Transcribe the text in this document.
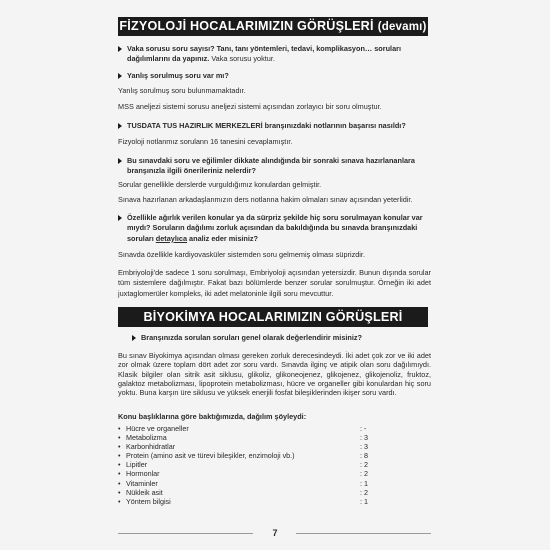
FİZYOLOJİ HOCALARIMIZIN GÖRÜŞLERİ (devamı)
Vaka sorusu soru sayısı? Tanı, tanı yöntemleri, tedavi, komplikasyon… soruları dağılımlarını da yapınız. Vaka sorusu yoktur.
Yanlış sorulmuş soru var mı?
Yanlış sorulmuş soru bulunmamaktadır.
MSS aneljezi sistemi sorusu aneljezi sistemi açısından zorlayıcı bir soru olmuştur.
TUSDATA TUS HAZIRLIK MERKEZLERİ branşınızdaki notlarının başarısı nasıldı?
Fizyoloji notlanmız sorulann 16 tanesini cevaplamıştır.
Bu sınavdaki soru ve eğilimler dikkate alındığında bir sonraki sınava hazırlananlara branşınızla ilgili önerileriniz nelerdir?
Sorular genellikle derslerde vurguldığımız konulardan gelmiştir.
Sınava hazırlanan arkadaşlanmızın ders notlanna hakim olmaları sınav açısından yeterlidir.
Özellikle ağırlık verilen konular ya da sürpriz şekilde hiç soru sorulmayan konular var mıydı? Soruların dağılımı zorluk açısından da bakıldığında bu sınavda branşınızdaki soruları detaylıca analiz eder misiniz?
Sınavda özellikle kardiyovasküler sistemden soru gelmemiş olması süprizdir.
Embriyoloji'de sadece 1 soru sorulmaşı, Embriyoloji açısından yetersizdir. Bunun dışında sorular tüm sistemlere dağılmıştır. Fakat bazı bölümlerde benzer sorular sorulmuştur. Örneğin iki adet juxtaglomerüler kompleks, iki adet melatoninle ilgili soru mevcuttur.
BİYOKİMYA HOCALARIMIZIN GÖRÜŞLERİ
Branşınızda sorulan soruları genel olarak değerlendirir misiniz?
Bu sınav Biyokimya açısından olması gereken zorluk derecesindeydi. İki adet çok zor ve iki adet zor olmak üzere toplam dört adet zor soru vardı. Sınavda ilginç ve atipik olan soru dağılımıydı. Klasik bilgiler olan sitrik asit siklusu, glikoliz, glikoneojenez, glikojenez, glikojenoliz, fruktoz, galaktoz metabolizması, lipoprotein metabolizması, hücre ve organeller gibi konulardan hiç soru yoktu. Buna karşın üre siklusu ve yüksek enerjili fosfat bileşiklerinden ikişer soru vardı.
Konu başlıklarına göre baktığımızda, dağılım şöyleydi:
• Hücre ve organeller	: -
• Metabolizma	: 3
• Karbonhidratlar	: 3
• Protein (amino asit ve türevi bileşikler, enzimoloji vb.)	: 8
• Lipitler	: 2
• Hormonlar	: 2
• Vitaminler	: 1
• Nükleik asit	: 2
• Yöntem bilgisi	: 1
7
